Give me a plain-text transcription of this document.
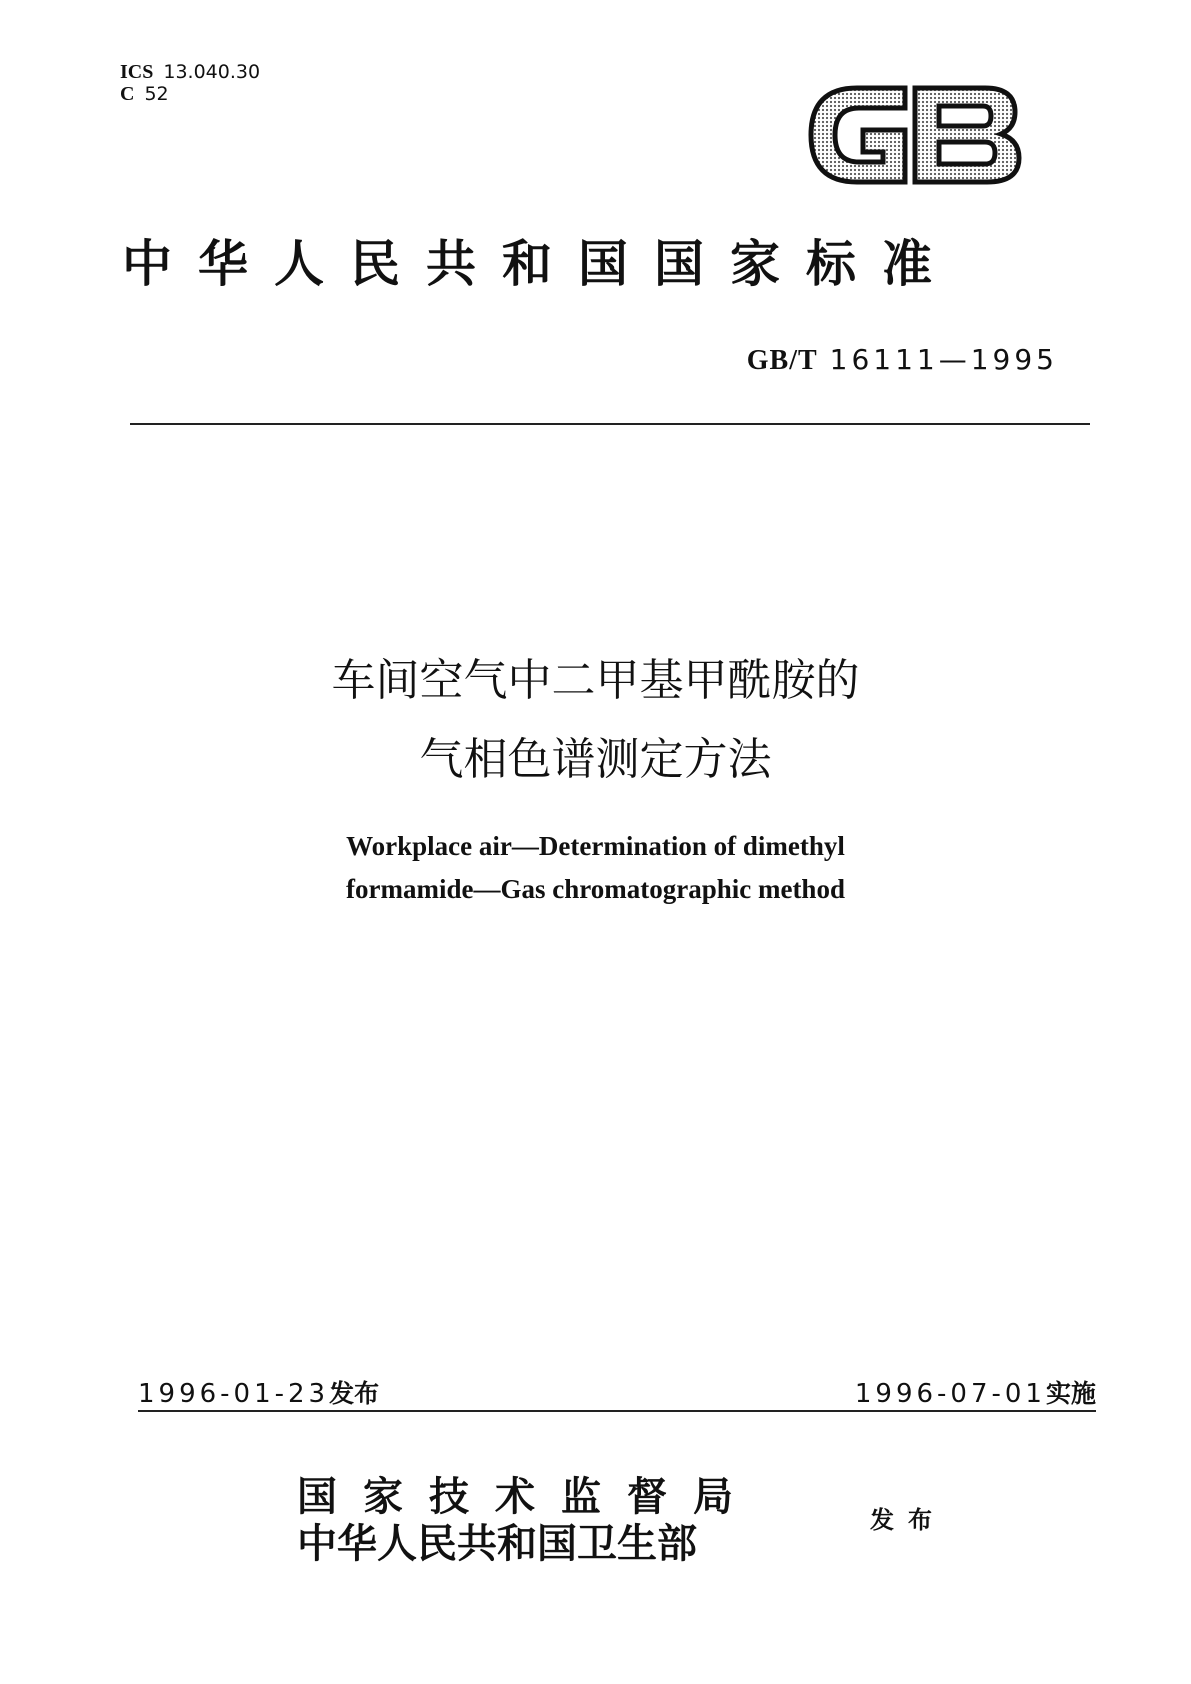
ICS 13.040.30
C 52
中华人民共和国国家标准
GB/T 16111—1995
车间空气中二甲基甲酰胺的
气相色谱测定方法
Workplace air—Determination of dimethyl
formamide—Gas chromatographic method
1996-01-23发布	1996-07-01实施
国家技术监督局
中华人民共和国卫生部	发布
